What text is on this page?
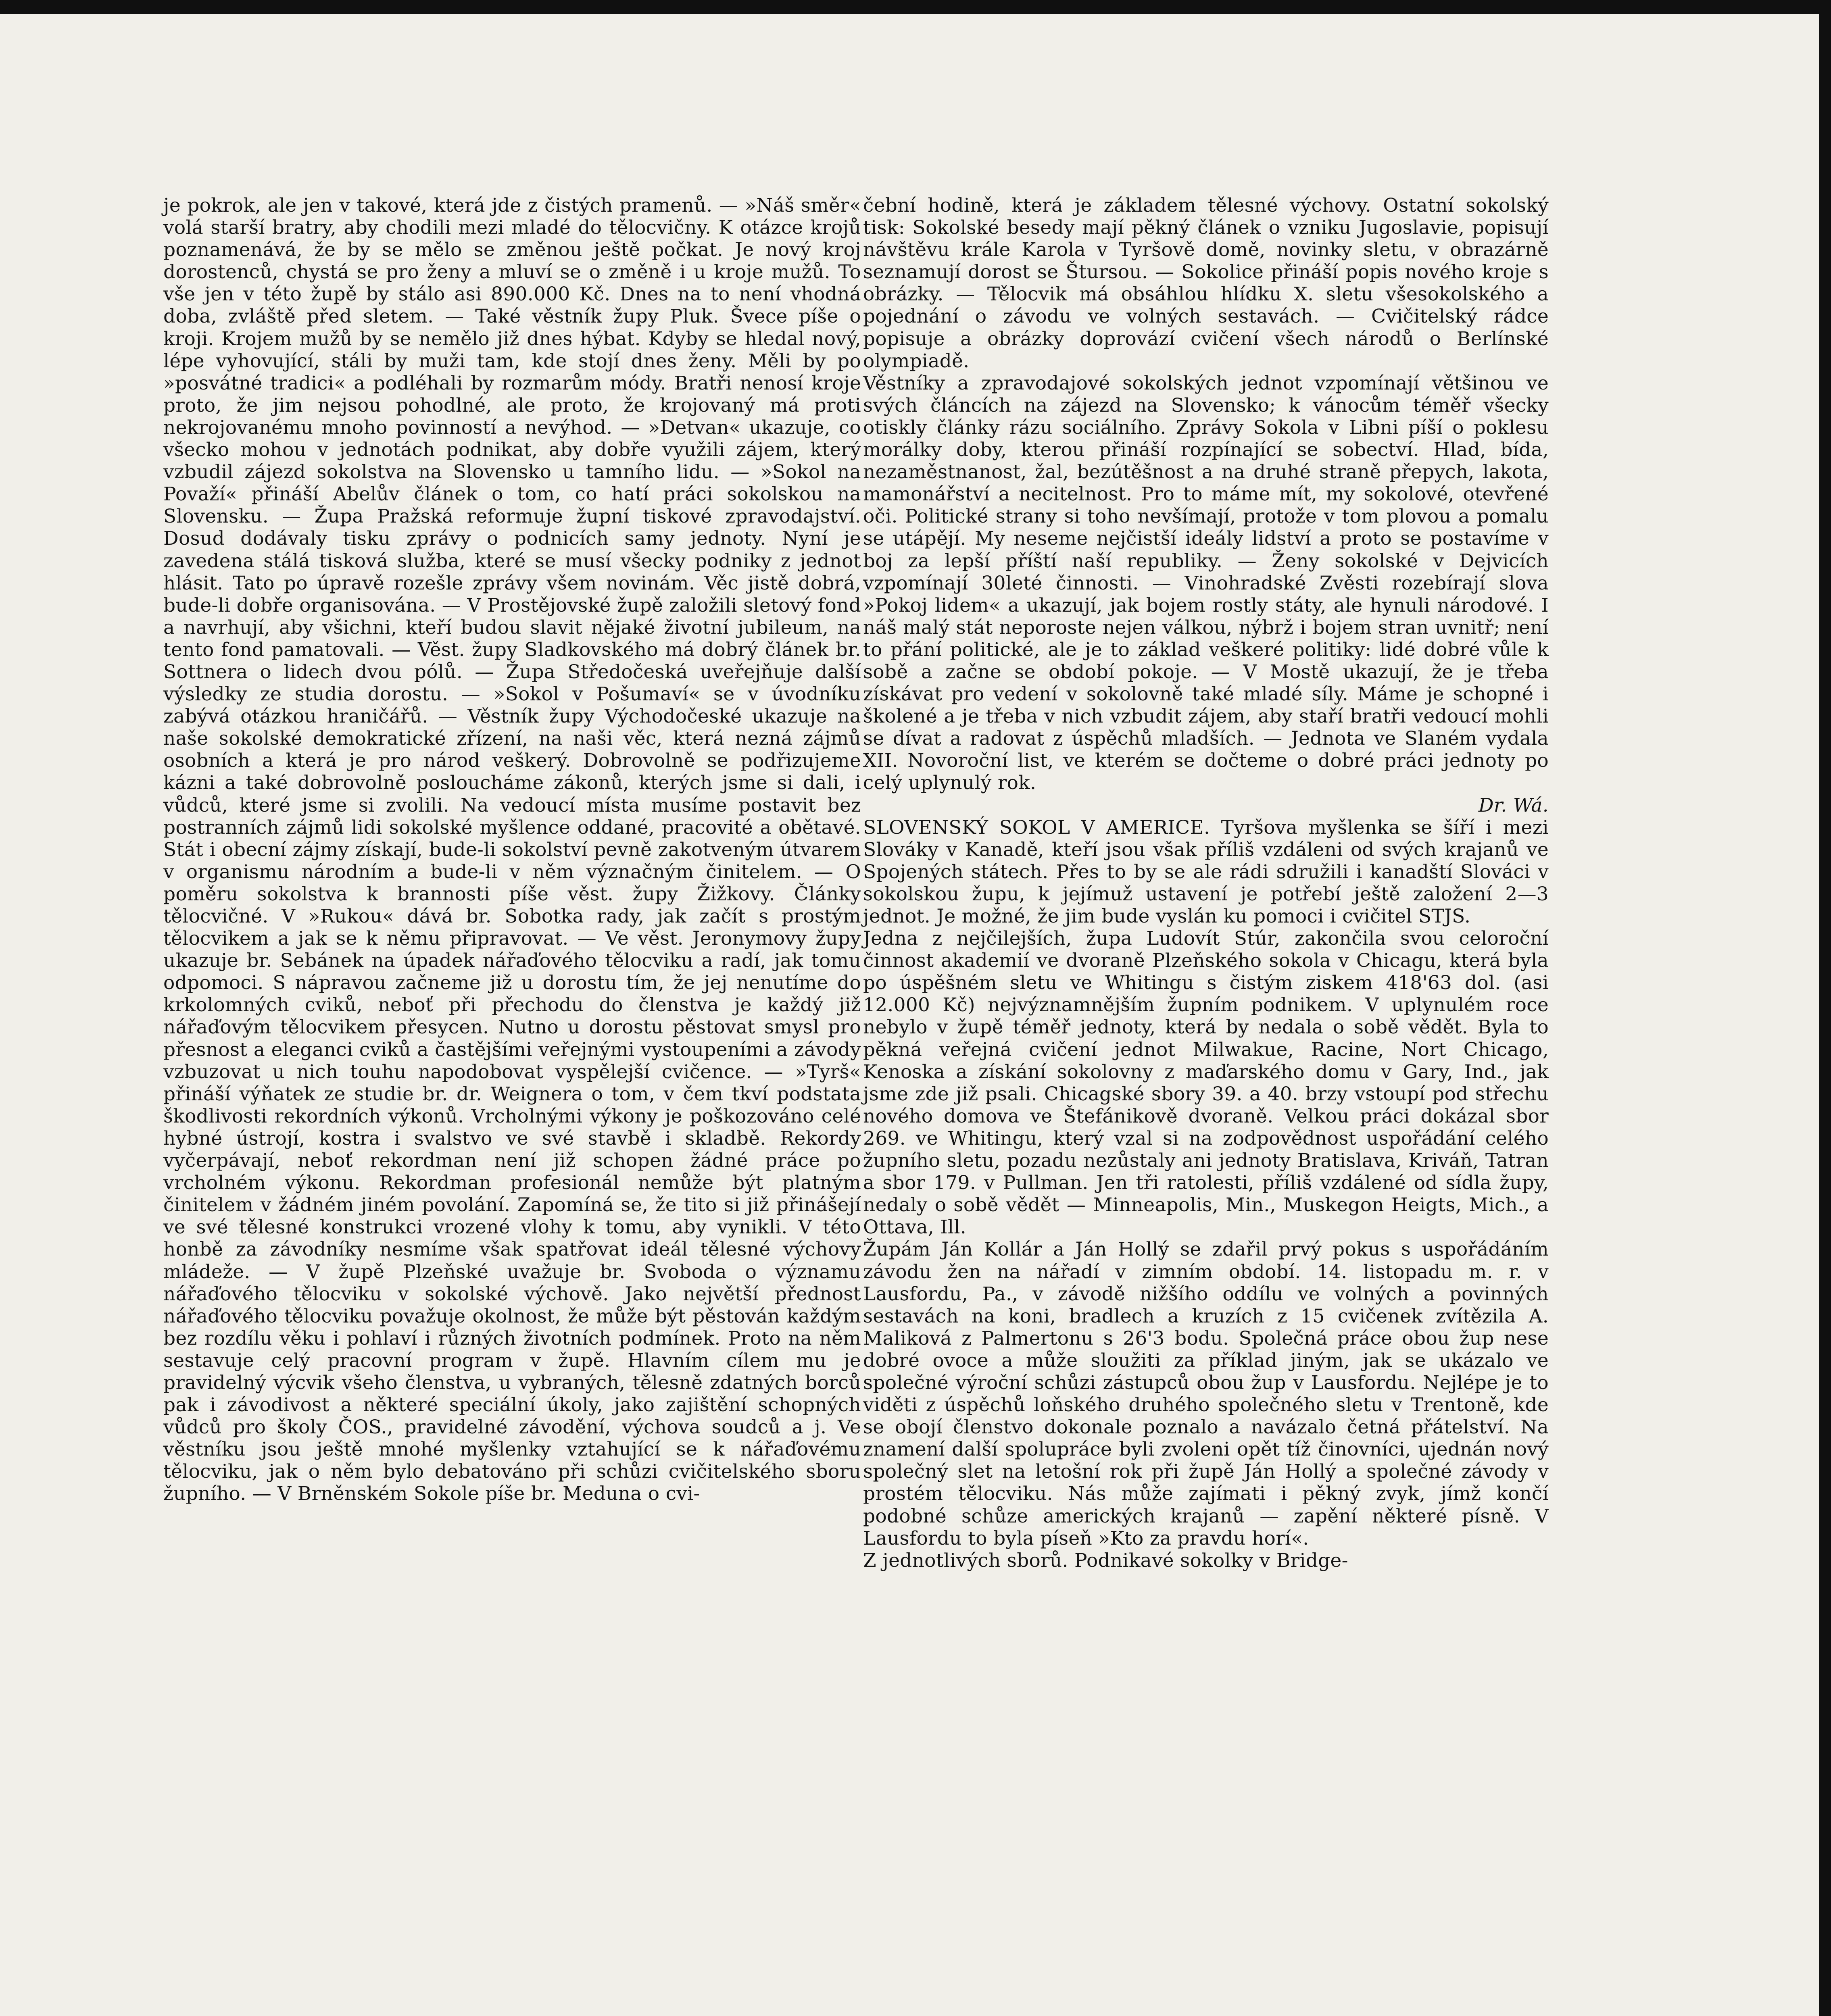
je pokrok, ale jen v takové, která jde z čistých pramenů. — »Náš směr« volá starší bratry, aby chodili mezi mladé do tělocvičny. K otázce krojů poznamenává, že by se mělo se změnou ještě počkat. Je nový kroj dorostenců, chystá se pro ženy a mluví se o změně i u kroje mužů. To vše jen v této župě by stálo asi 890.000 Kč. Dnes na to není vhodná doba, zvláště před sletem. — Také věstník župy Pluk. Švece píše o kroji. Krojem mužů by se nemělo již dnes hýbat. Kdyby se hledal nový, lépe vyhovující, stáli by muži tam, kde stojí dnes ženy. Měli by po »posvátné tradici« a podléhali by rozmarům módy. Bratři nenosí kroje proto, že jim nejsou pohodlné, ale proto, že krojovaný má proti nekrojovanému mnoho povinností a nevýhod. — »Detvan« ukazuje, co všecko mohou v jednotách podnikat, aby dobře využili zájem, který vzbudil zájezd sokolstva na Slovensko u tamního lidu. — »Sokol na Považí« přináší Abelův článek o tom, co hatí práci sokolskou na Slovensku. — Župa Pražská reformuje župní tiskové zpravodajství. Dosud dodávaly tisku zprávy o podnicích samy jednoty. Nyní je zavedena stálá tisková služba, které se musí všecky podniky z jednot hlásit. Tato po úpravě rozešle zprávy všem novinám. Věc jistě dobrá, bude-li dobře organisována. — V Prostějovské župě založili sletový fond a navrhují, aby všichni, kteří budou slavit nějaké životní jubileum, na tento fond pamatovali. — Věst. župy Sladkovského má dobrý článek br. Sottnera o lidech dvou pólů. — Župa Středočeská uveřejňuje další výsledky ze studia dorostu. — »Sokol v Pošumaví« se v úvodníku zabývá otázkou hraničářů. — Věstník župy Východočeské ukazuje na naše sokolské demokratické zřízení, na naši věc, která nezná zájmů osobních a která je pro národ veškerý. Dobrovolně se podřizujeme kázni a také dobrovolně posloucháme zákonů, kterých jsme si dali, i vůdců, které jsme si zvolili. Na vedoucí místa musíme postavit bez postranních zájmů lidi sokolské myšlence oddané, pracovité a obětavé. Stát i obecní zájmy získají, bude-li sokolství pevně zakotveným útvarem v organismu národním a bude-li v něm význačným činitelem. — O poměru sokolstva k brannosti píše věst. župy Žižkovy. Články tělocvičné. V »Rukou« dává br. Sobotka rady, jak začít s prostým tělocvikem a jak se k němu připravovat. — Ve věst. Jeronymovy župy ukazuje br. Sebánek na úpadek nářaďového tělocviku a radí, jak tomu odpomoci. S nápravou začneme již u dorostu tím, že jej nenutíme do krkolomných cviků, neboť při přechodu do členstva je každý již nářaďovým tělocvikem přesycen. Nutno u dorostu pěstovat smysl pro přesnost a eleganci cviků a častějšími veřejnými vystoupeními a závody vzbuzovat u nich touhu napodobovat vyspělejší cvičence. — »Tyrš« přináší výňatek ze studie br. dr. Weignera o tom, v čem tkví podstata škodlivosti rekordních výkonů. Vrcholnými výkony je poškozováno celé hybné ústrojí, kostra i svalstvo ve své stavbě i skladbě. Rekordy vyčerpávají, neboť rekordman není již schopen žádné práce po vrcholném výkonu. Rekordman profesionál nemůže být platným činitelem v žádném jiném povolání. Zapomíná se, že tito si již přinášejí ve své tělesné konstrukci vrozené vlohy k tomu, aby vynikli. V této honbě za závodníky nesmíme však spatřovat ideál tělesné výchovy mládeže. — V župě Plzeňské uvažuje br. Svoboda o významu nářaďového tělocviku v sokolské výchově. Jako největší přednost nářaďového tělocviku považuje okolnost, že může být pěstován každým bez rozdílu věku i pohlaví i různých životních podmínek. Proto na něm sestavuje celý pracovní program v župě. Hlavním cílem mu je pravidelný výcvik všeho členstva, u vybraných, tělesně zdatných borců pak i závodivost a některé speciální úkoly, jako zajištění schopných vůdců pro školy ČOS., pravidelné závodění, výchova soudců a j. Ve věstníku jsou ještě mnohé myšlenky vztahující se k nářaďovému tělocviku, jak o něm bylo debatováno při schůzi cvičitelského sboru župního. — V Brněnském Sokole píše br. Meduna o cvi-

čební hodině, která je základem tělesné výchovy. Ostatní sokolský tisk: Sokolské besedy mají pěkný článek o vzniku Jugoslavie, popisují návštěvu krále Karola v Tyršově domě, novinky sletu, v obrazárně seznamují dorost se Štursou. — Sokolice přináší popis nového kroje s obrázky. — Tělocvik má obsáhlou hlídku X. sletu všesokolského a pojednání o závodu ve volných sestavách. — Cvičitelský rádce popisuje a obrázky doprovází cvičení všech národů o Berlínské olympiadě.

Věstníky a zpravodajové sokolských jednot vzpomínají většinou ve svých článcích na zájezd na Slovensko; k vánocům téměř všecky otiskly články rázu sociálního. Zprávy Sokola v Libni píší o poklesu morálky doby, kterou přináší rozpínající se sobectví. Hlad, bída, nezaměstnanost, žal, bezútěšnost a na druhé straně přepych, lakota, mamonářství a necitelnost. Pro to máme mít, my sokolové, otevřené oči. Politické strany si toho nevšímají, protože v tom plovou a pomalu se utápějí. My neseme nejčistší ideály lidství a proto se postavíme v boj za lepší příští naší republiky. — Ženy sokolské v Dejvicích vzpomínají 30leté činnosti. — Vinohradské Zvěsti rozebírají slova »Pokoj lidem« a ukazují, jak bojem rostly státy, ale hynuli národové. I náš malý stát neporoste nejen válkou, nýbrž i bojem stran uvnitř; není to přání politické, ale je to základ veškeré politiky: lidé dobré vůle k sobě a začne se období pokoje. — V Mostě ukazují, že je třeba získávat pro vedení v sokolovně také mladé síly. Máme je schopné i školené a je třeba v nich vzbudit zájem, aby staří bratři vedoucí mohli se dívat a radovat z úspěchů mladších. — Jednota ve Slaném vydala XII. Novoroční list, ve kterém se dočteme o dobré práci jednoty po celý uplynulý rok.

Dr. Wá.

SLOVENSKÝ SOKOL V AMERICE. Tyršova myšlenka se šíří i mezi Slováky v Kanadě, kteří jsou však příliš vzdáleni od svých krajanů ve Spojených státech. Přes to by se ale rádi sdružili i kanadští Slováci v sokolskou župu, k jejímuž ustavení je potřebí ještě založení 2—3 jednot. Je možné, že jim bude vyslán ku pomoci i cvičitel STJS.

Jedna z nejčilejších, župa Ludovít Stúr, zakončila svou celoroční činnost akademií ve dvoraně Plzeňského sokola v Chicagu, která byla po úspěšném sletu ve Whitingu s čistým ziskem 418'63 dol. (asi 12.000 Kč) nejvýznamnějším župním podnikem. V uplynulém roce nebylo v župě téměř jednoty, která by nedala o sobě vědět. Byla to pěkná veřejná cvičení jednot Milwakue, Racine, Nort Chicago, Kenoska a získání sokolovny z maďarského domu v Gary, Ind., jak jsme zde již psali. Chicagské sbory 39. a 40. brzy vstoupí pod střechu nového domova ve Štefánikově dvoraně. Velkou práci dokázal sbor 269. ve Whitingu, který vzal si na zodpovědnost uspořádání celého župního sletu, pozadu nezůstaly ani jednoty Bratislava, Kriváň, Tatran a sbor 179. v Pullman. Jen tři ratolesti, příliš vzdálené od sídla župy, nedaly o sobě vědět — Minneapolis, Min., Muskegon Heigts, Mich., a Ottava, Ill.

Župám Ján Kollár a Ján Hollý se zdařil prvý pokus s uspořádáním závodu žen na nářadí v zimním období. 14. listopadu m. r. v Lausfordu, Pa., v závodě nižšího oddílu ve volných a povinných sestavách na koni, bradlech a kruzích z 15 cvičenek zvítězila A. Maliková z Palmertonu s 26'3 bodu. Společná práce obou žup nese dobré ovoce a může sloužiti za příklad jiným, jak se ukázalo ve společné výroční schůzi zástupců obou žup v Lausfordu. Nejlépe je to viděti z úspěchů loňského druhého společného sletu v Trentoně, kde se obojí členstvo dokonale poznalo a navázalo četná přátelství. Na znamení další spolupráce byli zvoleni opět tíž činovníci, ujednán nový společný slet na letošní rok při župě Ján Hollý a společné závody v prostém tělocviku. Nás může zajímati i pěkný zvyk, jímž končí podobné schůze amerických krajanů — zapění některé písně. V Lausfordu to byla píseň »Kto za pravdu horí«.

Z jednotlivých sborů. Podnikavé sokolky v Bridge-
